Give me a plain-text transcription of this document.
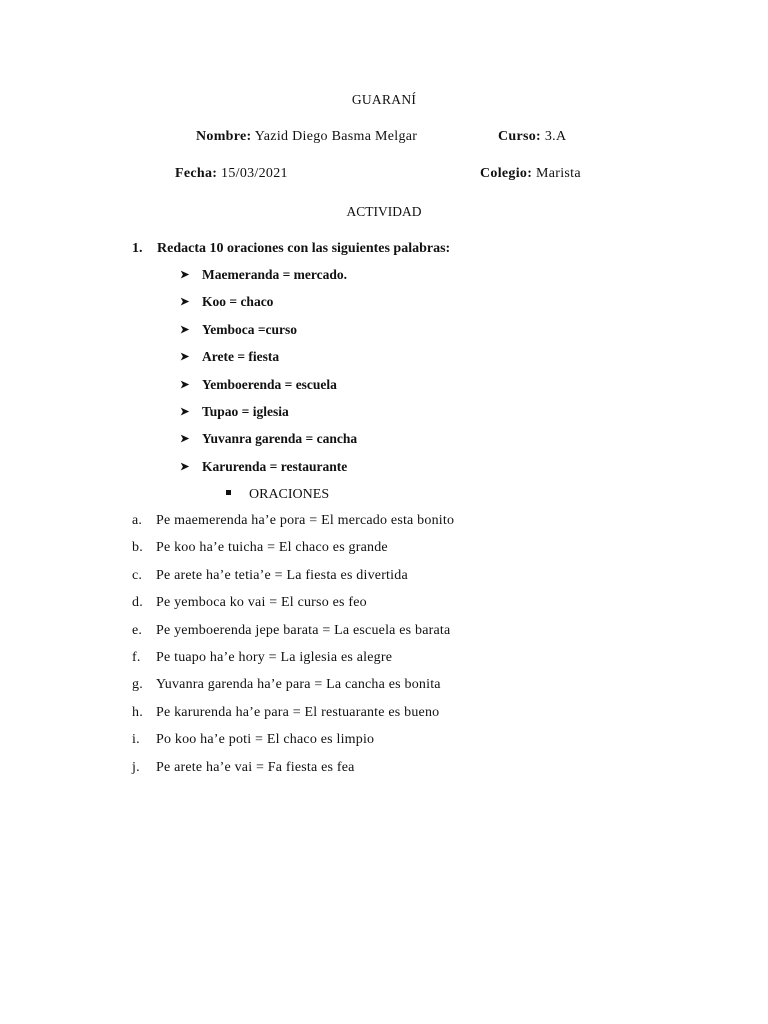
GUARANÍ
Nombre: Yazid Diego Basma Melgar	Curso: 3.A
Fecha: 15/03/2021	Colegio: Marista
ACTIVIDAD
1. Redacta 10 oraciones con las siguientes palabras:
➤ Maemeranda = mercado.
➤ Koo = chaco
➤ Yemboca =curso
➤ Arete = fiesta
➤ Yemboerenda = escuela
➤ Tupao = iglesia
➤ Yuvanra garenda = cancha
➤ Karurenda = restaurante
ORACIONES
a. Pe maemerenda ha’e pora = El mercado esta bonito
b. Pe koo ha’e tuicha = El chaco es grande
c. Pe arete ha’e tetia’e = La fiesta es divertida
d. Pe yemboca ko vai = El curso es feo
e. Pe yemboerenda jepe barata = La escuela es barata
f. Pe tuapo ha’e hory = La iglesia es alegre
g. Yuvanra garenda ha’e para = La cancha es bonita
h. Pe karurenda ha’e para = El restuarante es bueno
i. Po koo ha’e poti = El chaco es limpio
j. Pe arete ha’e vai = Fa fiesta es fea
